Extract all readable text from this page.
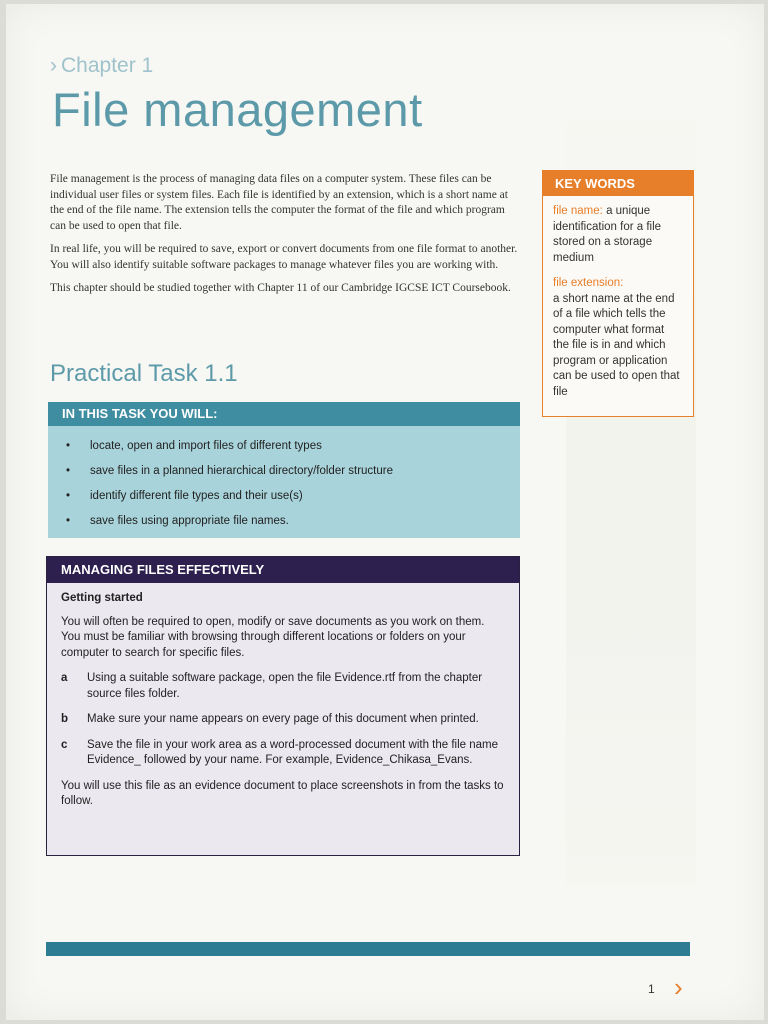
› Chapter 1
File management

File management is the process of managing data files on a computer system. These files can be individual user files or system files. Each file is identified by an extension, which is a short name at the end of the file name. The extension tells the computer the format of the file and which program can be used to open that file.

In real life, you will be required to save, export or convert documents from one file format to another. You will also identify suitable software packages to manage whatever files you are working with.

This chapter should be studied together with Chapter 11 of our Cambridge IGCSE ICT Coursebook.

KEY WORDS
file name: a unique identification for a file stored on a storage medium
file extension:
a short name at the end of a file which tells the computer what format the file is in and which program or application can be used to open that file
Practical Task 1.1
IN THIS TASK YOU WILL:
• locate, open and import files of different types
• save files in a planned hierarchical directory/folder structure
• identify different file types and their use(s)
• save files using appropriate file names.
MANAGING FILES EFFECTIVELY
Getting started

You will often be required to open, modify or save documents as you work on them. You must be familiar with browsing through different locations or folders on your computer to search for specific files.

a Using a suitable software package, open the file Evidence.rtf from the chapter source files folder.
b Make sure your name appears on every page of this document when printed.
c Save the file in your work area as a word-processed document with the file name Evidence_ followed by your name. For example, Evidence_Chikasa_Evans.

You will use this file as an evidence document to place screenshots in from the tasks to follow.

1 ›
